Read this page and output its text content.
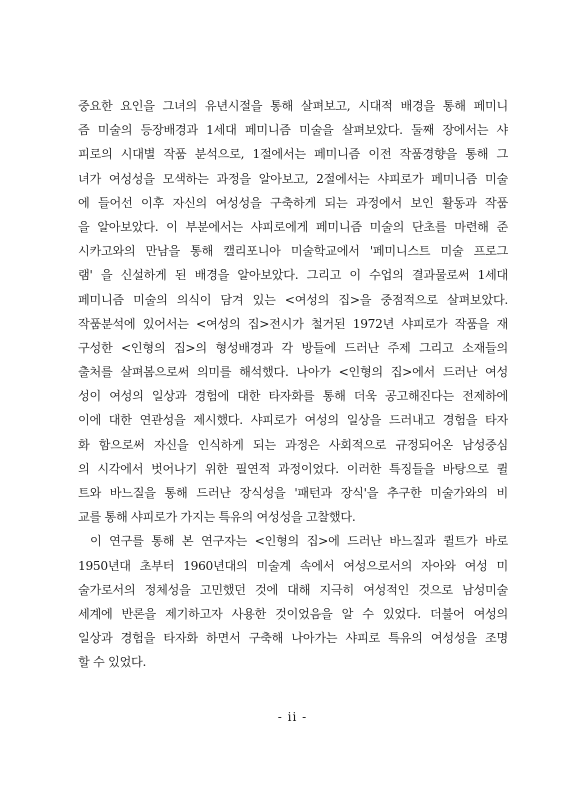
중요한 요인을 그녀의 유년시절을 통해 살펴보고, 시대적 배경을 통해 페미니
즘 미술의 등장배경과 1세대 페미니즘 미술을 살펴보았다. 둘째 장에서는 샤
피로의 시대별 작품 분석으로, 1절에서는 페미니즘 이전 작품경향을 통해 그
녀가 여성성을 모색하는 과정을 알아보고, 2절에서는 샤피로가 페미니즘 미술
에 들어선 이후 자신의 여성성을 구축하게 되는 과정에서 보인 활동과 작품
을 알아보았다. 이 부분에서는 샤피로에게 페미니즘 미술의 단초를 마련해 준
시카고와의 만남을 통해 캘리포니아 미술학교에서 '페미니스트 미술 프로그
램' 을 신설하게 된 배경을 알아보았다. 그리고 이 수업의 결과물로써 1세대
페미니즘 미술의 의식이 담겨 있는 <여성의 집>을 중점적으로 살펴보았다.
작품분석에 있어서는 <여성의 집>전시가 철거된 1972년 샤피로가 작품을 재
구성한 <인형의 집>의 형성배경과 각 방들에 드러난 주제 그리고 소재들의
출처를 살펴봄으로써 의미를 해석했다. 나아가 <인형의 집>에서 드러난 여성
성이 여성의 일상과 경험에 대한 타자화를 통해 더욱 공고해진다는 전제하에
이에 대한 연관성을 제시했다. 샤피로가 여성의 일상을 드러내고 경험을 타자
화 함으로써 자신을 인식하게 되는 과정은 사회적으로 규정되어온 남성중심
의 시각에서 벗어나기 위한 필연적 과정이었다. 이러한 특징들을 바탕으로 퀼
트와 바느질을 통해 드러난 장식성을 '패턴과 장식'을 추구한 미술가와의 비
교를 통해 샤피로가 가지는 특유의 여성성을 고찰했다.
이 연구를 통해 본 연구자는 <인형의 집>에 드러난 바느질과 퀼트가 바로
1950년대 초부터 1960년대의 미술계 속에서 여성으로서의 자아와 여성 미
술가로서의 정체성을 고민했던 것에 대해 지극히 여성적인 것으로 남성미술
세계에 반론을 제기하고자 사용한 것이었음을 알 수 있었다. 더불어 여성의
일상과 경험을 타자화 하면서 구축해 나아가는 샤피로 특유의 여성성을 조명
할 수 있었다.
- ii -
